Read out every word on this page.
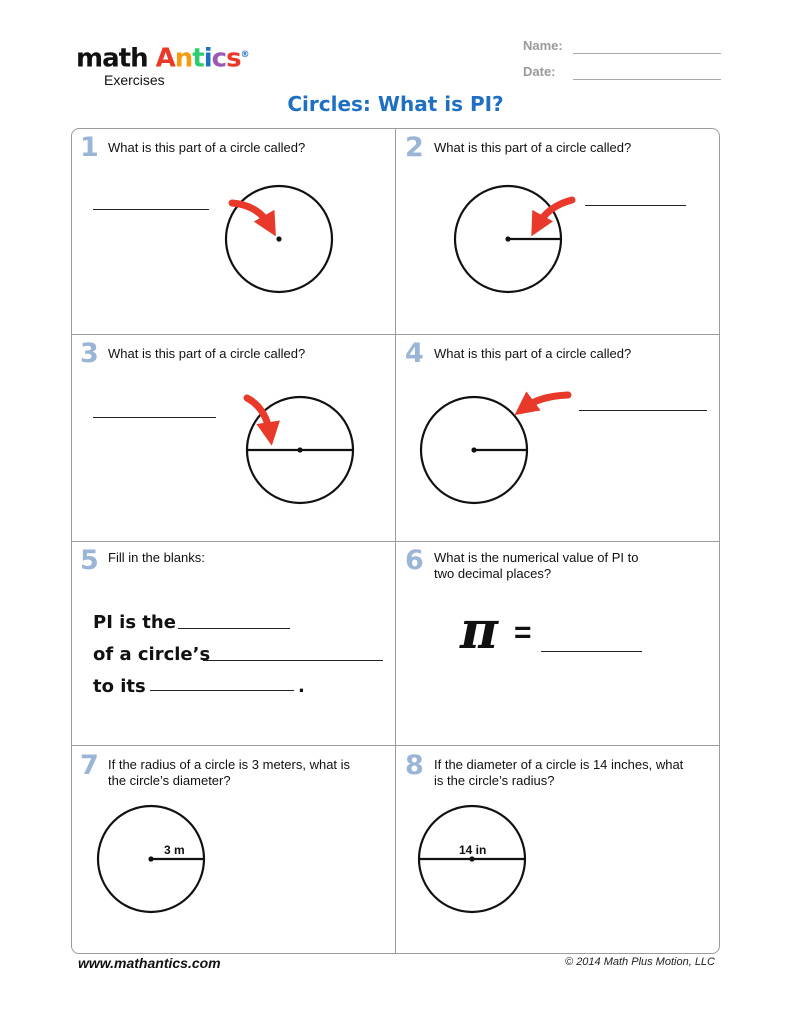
math Antics®
Exercises
Name:
Date:
Circles: What is PI?
1 What is this part of a circle called?	2 What is this part of a circle called?
3 What is this part of a circle called?	4 What is this part of a circle called?
5 Fill in the blanks:
PI is the
of a circle’s
to its	.
6 What is the numerical value of PI to
two decimal places?
π =
7 If the radius of a circle is 3 meters, what is
the circle’s diameter?	8 If the diameter of a circle is 14 inches, what
is the circle’s radius?
3 m	14 in
www.mathantics.com	© 2014 Math Plus Motion, LLC
